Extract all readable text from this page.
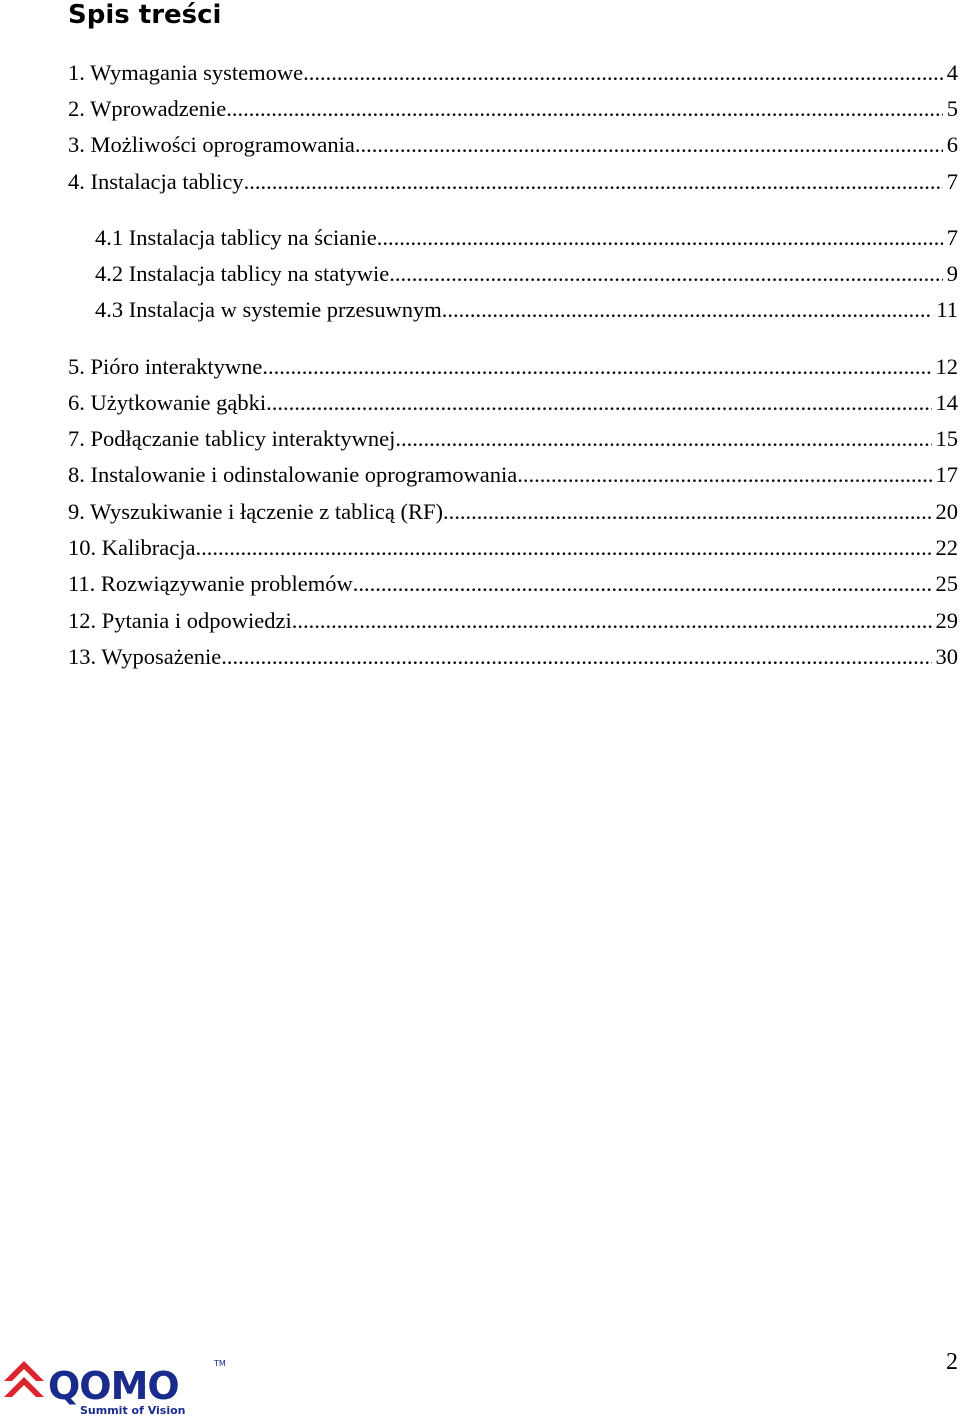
Spis treści
1. Wymagania systemowe .....	4
2. Wprowadzenie .....	5
3. Możliwości oprogramowania .....	6
4. Instalacja tablicy .....	7
4.1 Instalacja tablicy na ścianie .....	7
4.2 Instalacja tablicy na statywie .....	9
4.3 Instalacja w systemie przesuwnym .....	11
5. Pióro interaktywne .....	12
6. Użytkowanie gąbki .....	14
7. Podłączanie tablicy interaktywnej .....	15
8. Instalowanie i odinstalowanie oprogramowania .....	17
9. Wyszukiwanie i łączenie z tablicą (RF) .....	20
10. Kalibracja .....	22
11. Rozwiązywanie problemów .....	25
12. Pytania i odpowiedzi .....	29
13. Wyposażenie .....	30
QOMO
TM
Summit of Vision
2
